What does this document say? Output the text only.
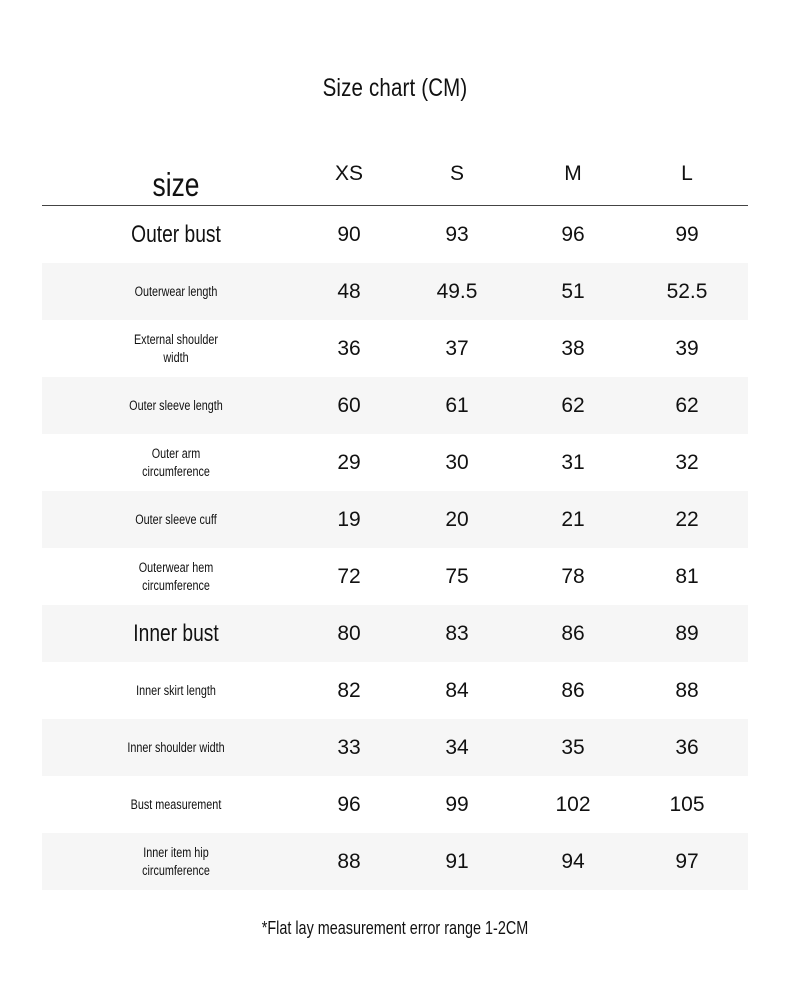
Size chart (CM)
size	XS	S	M	L
Outer bust	90	93	96	99
Outerwear length	48	49.5	51	52.5
External shoulder width	36	37	38	39
Outer sleeve length	60	61	62	62
Outer arm circumference	29	30	31	32
Outer sleeve cuff	19	20	21	22
Outerwear hem circumference	72	75	78	81
Inner bust	80	83	86	89
Inner skirt length	82	84	86	88
Inner shoulder width	33	34	35	36
Bust measurement	96	99	102	105
Inner item hip circumference	88	91	94	97
*Flat lay measurement error range 1-2CM
